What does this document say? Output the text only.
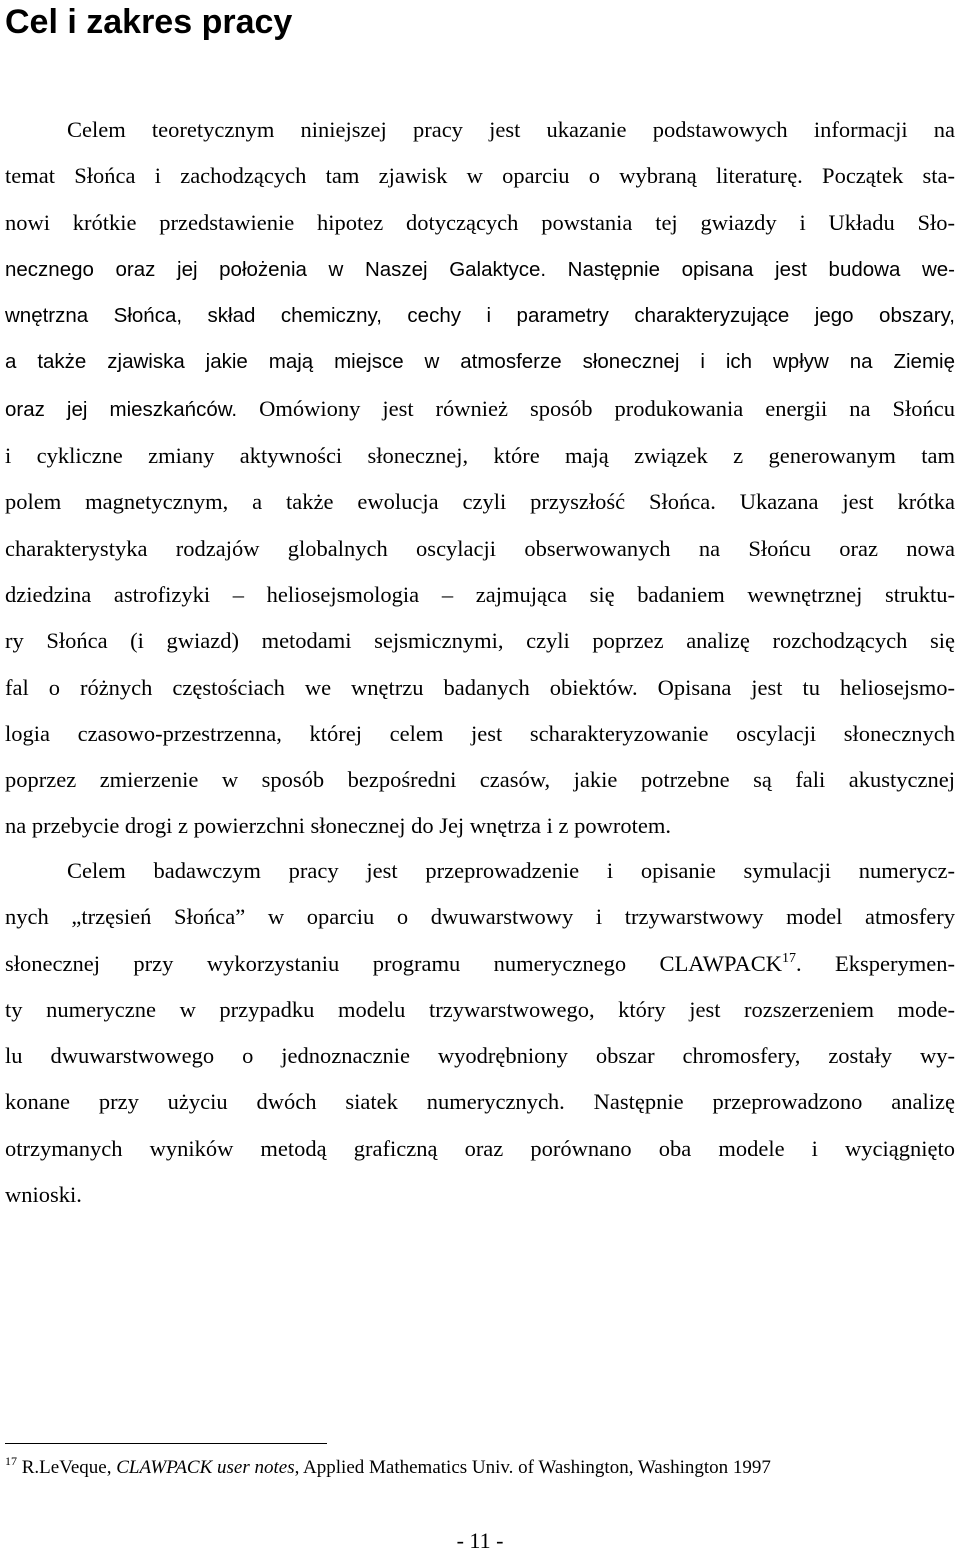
Cel i zakres pracy
Celem teoretycznym niniejszej pracy jest ukazanie podstawowych informacji na
temat Słońca i zachodzących tam zjawisk w oparciu o wybraną literaturę. Początek sta-
nowi krótkie przedstawienie hipotez dotyczących powstania tej gwiazdy i Układu Sło-
necznego oraz jej położenia w Naszej Galaktyce. Następnie opisana jest budowa we-
wnętrzna Słońca, skład chemiczny, cechy i parametry charakteryzujące jego obszary,
a także zjawiska jakie mają miejsce w atmosferze słonecznej i ich wpływ na Ziemię
oraz jej mieszkańców. Omówiony jest również sposób produkowania energii na Słońcu
i cykliczne zmiany aktywności słonecznej, które mają związek z generowanym tam
polem magnetycznym, a także ewolucja czyli przyszłość Słońca. Ukazana jest krótka
charakterystyka rodzajów globalnych oscylacji obserwowanych na Słońcu oraz nowa
dziedzina astrofizyki – heliosejsmologia – zajmująca się badaniem wewnętrznej struktu-
ry Słońca (i gwiazd) metodami sejsmicznymi, czyli poprzez analizę rozchodzących się
fal o różnych częstościach we wnętrzu badanych obiektów. Opisana jest tu heliosejsmo-
logia czasowo-przestrzenna, której celem jest scharakteryzowanie oscylacji słonecznych
poprzez zmierzenie w sposób bezpośredni czasów, jakie potrzebne są fali akustycznej
na przebycie drogi z powierzchni słonecznej do Jej wnętrza i z powrotem.
Celem badawczym pracy jest przeprowadzenie i opisanie symulacji numerycz-
nych „trzęsień Słońca” w oparciu o dwuwarstwowy i trzywarstwowy model atmosfery
słonecznej przy wykorzystaniu programu numerycznego CLAWPACK$^{17}$. Eksperymen-
ty numeryczne w przypadku modelu trzywarstwowego, który jest rozszerzeniem mode-
lu dwuwarstwowego o jednoznacznie wyodrębniony obszar chromosfery, zostały wy-
konane przy użyciu dwóch siatek numerycznych. Następnie przeprowadzono analizę
otrzymanych wyników metodą graficzną oraz porównano oba modele i wyciągnięto
wnioski.

$^{17}$ R.LeVeque, CLAWPACK user notes, Applied Mathematics Univ. of Washington, Washington 1997

- 11 -
